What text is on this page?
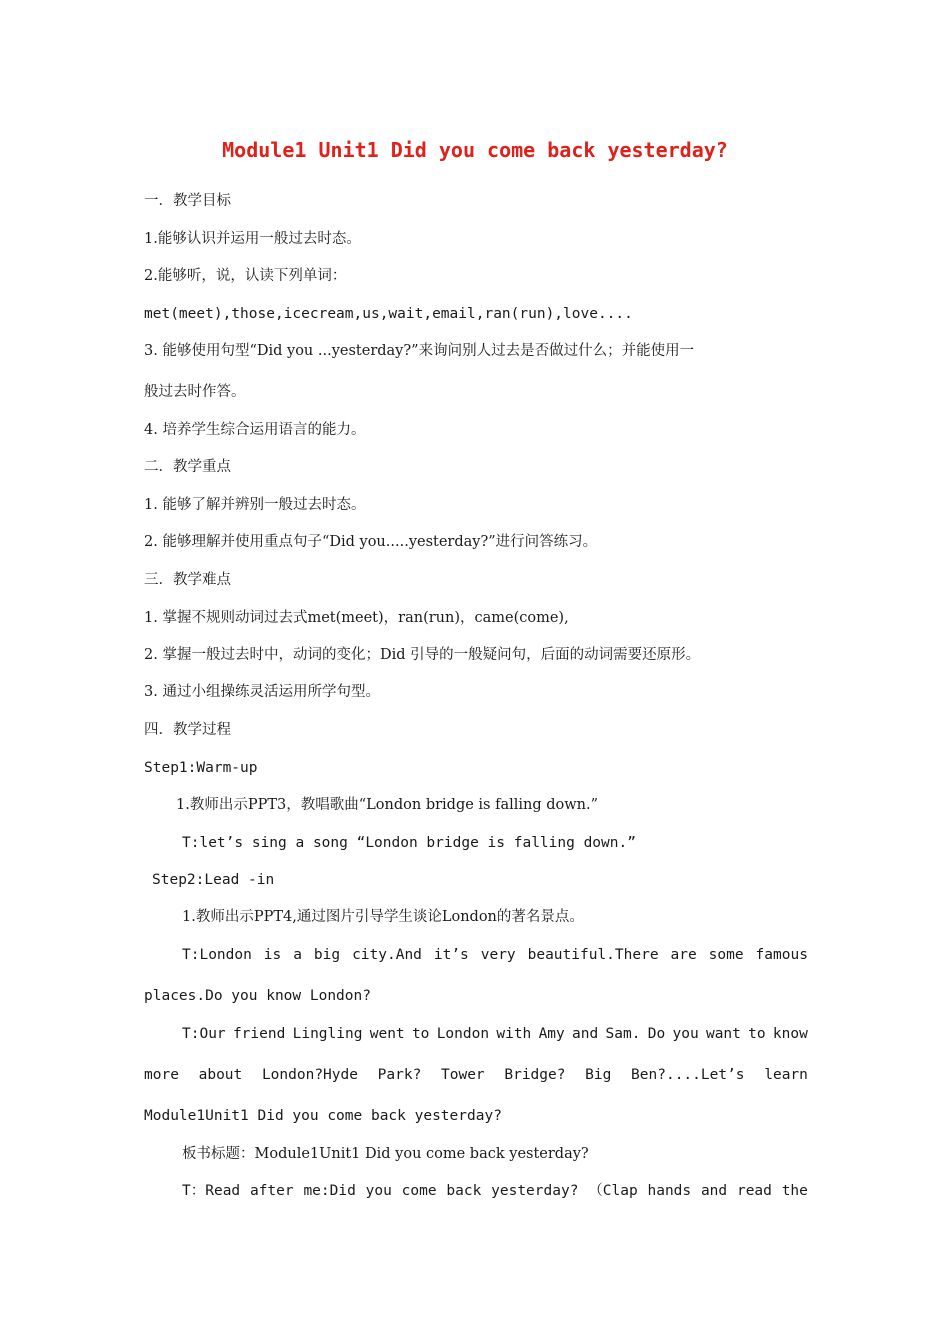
Module1 Unit1 Did you come back yesterday?
一．教学目标
1.能够认识并运用一般过去时态。
2.能够听，说，认读下列单词：
met(meet),those,icecream,us,wait,email,ran(run),love....
3. 能够使用句型“Did you ...yesterday?”来询问别人过去是否做过什么；并能使用一
般过去时作答。
4. 培养学生综合运用语言的能力。
二．教学重点
1. 能够了解并辨别一般过去时态。
2. 能够理解并使用重点句子“Did you.....yesterday?”进行问答练习。
三．教学难点
1. 掌握不规则动词过去式met(meet)，ran(run)，came(come),
2. 掌握一般过去时中，动词的变化；Did 引导的一般疑问句，后面的动词需要还原形。
3. 通过小组操练灵活运用所学句型。
四．教学过程
Step1:Warm-up
1.教师出示PPT3，教唱歌曲“London bridge is falling down.”
T:let’s sing a song “London bridge is falling down.”
Step2:Lead -in
1.教师出示PPT4,通过图片引导学生谈论London的著名景点。
T:London is a big city.And it’s very beautiful.There are some famous
places.Do you know London?
T:Our friend Lingling went to London with Amy and Sam. Do you want to know
more about London?Hyde Park? Tower Bridge? Big Ben?....Let’s learn
Module1Unit1 Did you come back yesterday?
板书标题：Module1Unit1 Did you come back yesterday?
T：Read after me:Did you come back yesterday? （Clap hands and read the
